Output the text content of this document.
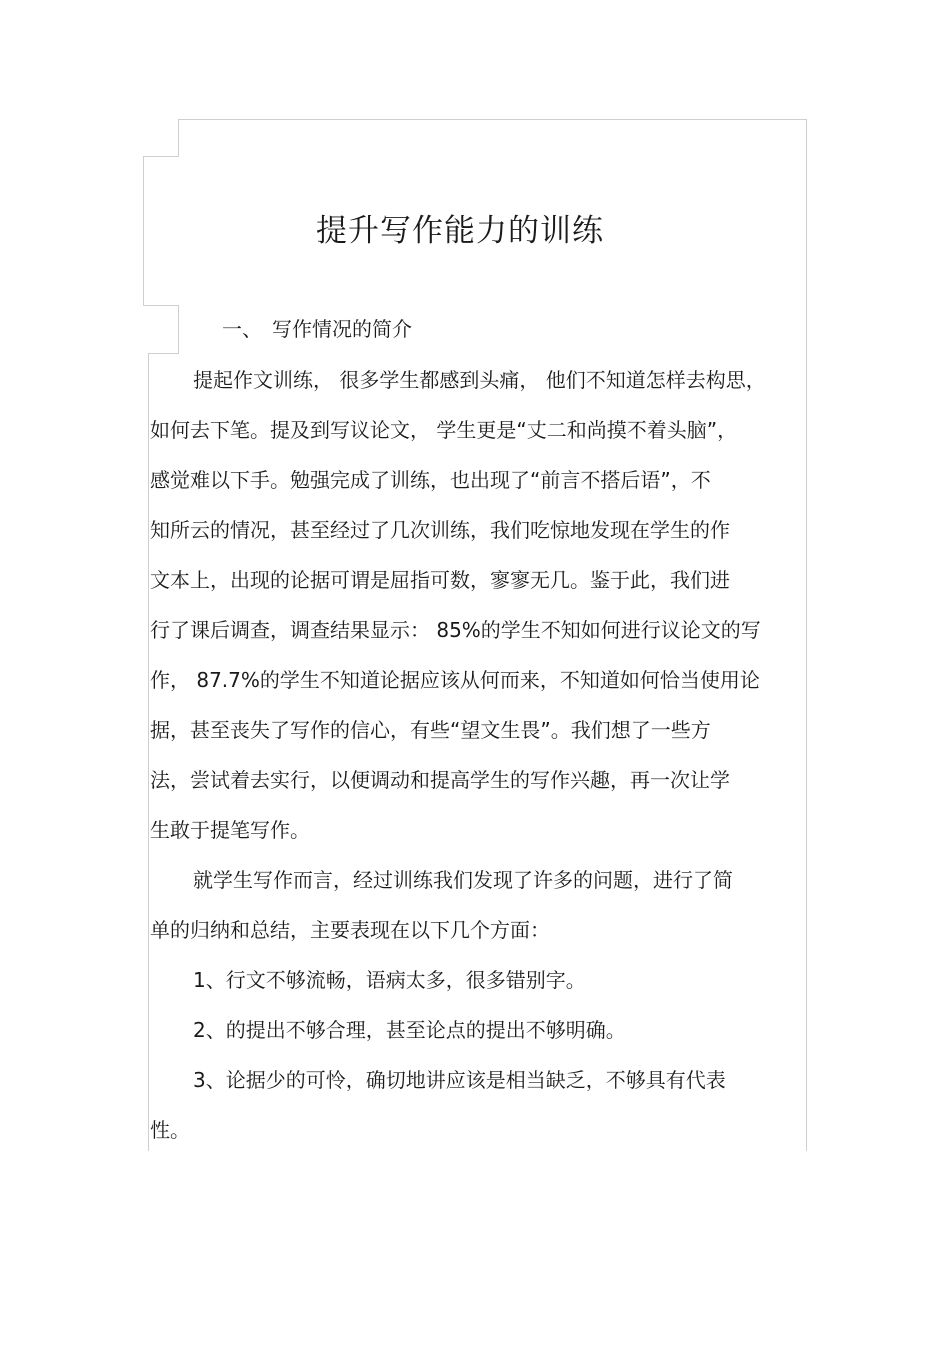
提升写作能力的训练

一、　写作情况的简介

提起作文训练， 很多学生都感到头痛， 他们不知道怎样去构思，

如何去下笔。提及到写议论文， 学生更是“丈二和尚摸不着头脑”，

感觉难以下手。勉强完成了训练，也出现了“前言不搭后语”，不

知所云的情况，甚至经过了几次训练，我们吃惊地发现在学生的作

文本上，出现的论据可谓是屈指可数，寥寥无几。鉴于此，我们进

行了课后调查，调查结果显示： 85%的学生不知如何进行议论文的写

作， 87.7%的学生不知道论据应该从何而来，不知道如何恰当使用论

据，甚至丧失了写作的信心，有些“望文生畏”。我们想了一些方

法，尝试着去实行，以便调动和提高学生的写作兴趣，再一次让学

生敢于提笔写作。

就学生写作而言，经过训练我们发现了许多的问题，进行了简

单的归纳和总结，主要表现在以下几个方面：

1、行文不够流畅，语病太多，很多错别字。

2、的提出不够合理，甚至论点的提出不够明确。

3、论据少的可怜，确切地讲应该是相当缺乏，不够具有代表

性。
